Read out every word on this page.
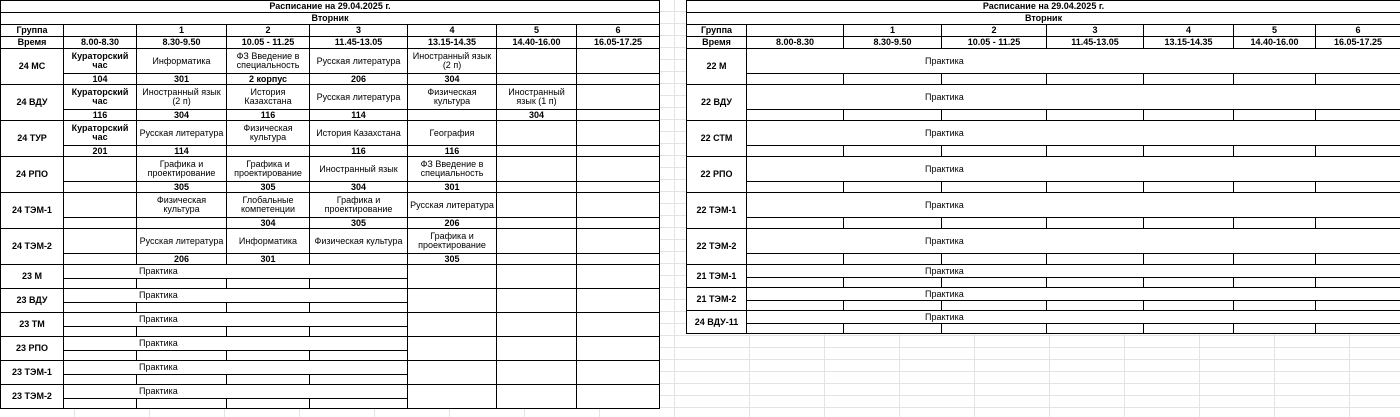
Расписание на 29.04.2025 г.							
Вторник							
Группа		1	2	3	4	5	6
Время	8.00-8.30	8.30-9.50	10.05 - 11.25	11.45-13.05	13.15-14.35	14.40-16.00	16.05-17.25
24 МС	Кураторский час	Информатика	ФЗ Введение в специальность	Русская литература	Иностранный язык (2 п)		
	104	301	2 корпус	206	304		
24 ВДУ	Кураторский час	Иностранный язык (2 п)	История Казахстана	Русская литература	Физическая культура	Иностранный язык (1 п)	
	116	304	116	114		304	
24 ТУР	Кураторский час	Русская литература	Физическая культура	История Казахстана	География		
	201	114		116	116		
24 РПО		Графика и проектирование	Графика и проектирование	Иностранный язык	ФЗ Введение в специальность		
		305	305	304	301		
24 ТЭМ-1		Физическая культура	Глобальные компетенции	Графика и проектирование	Русская литература		
			304	305	206		
24 ТЭМ-2		Русская литература	Информатика	Физическая культура	Графика и проектирование		
		206	301		305		
23 М	Практика						

23 ВДУ	Практика						

23 ТМ	Практика						

23 РПО	Практика						

23 ТЭМ-1	Практика						

23 ТЭМ-2	Практика						

Расписание на 29.04.2025 г.							
Вторник							
Группа		1	2	3	4	5	6
Время	8.00-8.30	8.30-9.50	10.05 - 11.25	11.45-13.05	13.15-14.35	14.40-16.00	16.05-17.25
22 М	Практика						

22 ВДУ	Практика						

22 СТМ	Практика						

22 РПО	Практика						

22 ТЭМ-1	Практика						

22 ТЭМ-2	Практика						

21 ТЭМ-1	Практика						

21 ТЭМ-2	Практика						

24 ВДУ-11	Практика						
